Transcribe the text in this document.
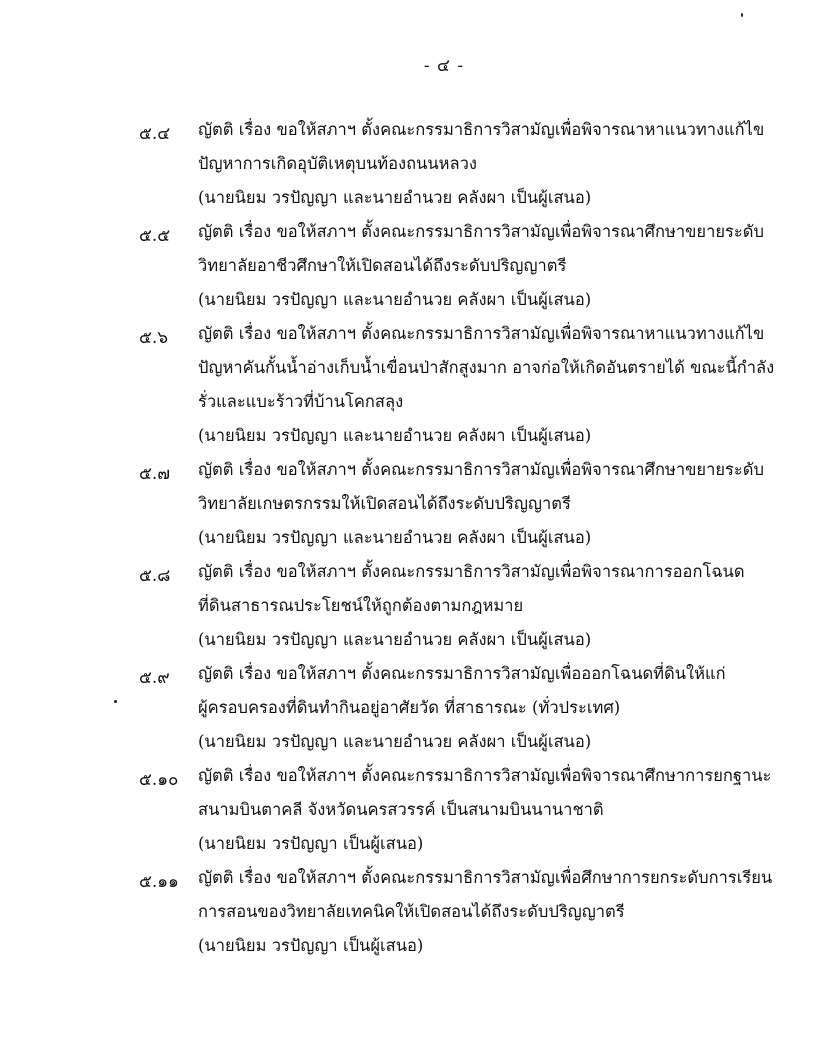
- ๔ -
๕.๔ ญัตติ เรื่อง ขอให้สภาฯ ตั้งคณะกรรมาธิการวิสามัญเพื่อพิจารณาหาแนวทางแก้ไข
ปัญหาการเกิดอุบัติเหตุบนท้องถนนหลวง
(นายนิยม วรปัญญา และนายอำนวย คลังผา เป็นผู้เสนอ)
๕.๕ ญัตติ เรื่อง ขอให้สภาฯ ตั้งคณะกรรมาธิการวิสามัญเพื่อพิจารณาศึกษาขยายระดับ
วิทยาลัยอาชีวศึกษาให้เปิดสอนได้ถึงระดับปริญญาตรี
(นายนิยม วรปัญญา และนายอำนวย คลังผา เป็นผู้เสนอ)
๕.๖ ญัตติ เรื่อง ขอให้สภาฯ ตั้งคณะกรรมาธิการวิสามัญเพื่อพิจารณาหาแนวทางแก้ไข
ปัญหาคันกั้นน้ำอ่างเก็บน้ำเขื่อนป่าสักสูงมาก อาจก่อให้เกิดอันตรายได้ ขณะนี้กำลัง
รั่วและแบะร้าวที่บ้านโคกสลุง
(นายนิยม วรปัญญา และนายอำนวย คลังผา เป็นผู้เสนอ)
๕.๗ ญัตติ เรื่อง ขอให้สภาฯ ตั้งคณะกรรมาธิการวิสามัญเพื่อพิจารณาศึกษาขยายระดับ
วิทยาลัยเกษตรกรรมให้เปิดสอนได้ถึงระดับปริญญาตรี
(นายนิยม วรปัญญา และนายอำนวย คลังผา เป็นผู้เสนอ)
๕.๘ ญัตติ เรื่อง ขอให้สภาฯ ตั้งคณะกรรมาธิการวิสามัญเพื่อพิจารณาการออกโฉนด
ที่ดินสาธารณประโยชน์ให้ถูกต้องตามกฎหมาย
(นายนิยม วรปัญญา และนายอำนวย คลังผา เป็นผู้เสนอ)
๕.๙ ญัตติ เรื่อง ขอให้สภาฯ ตั้งคณะกรรมาธิการวิสามัญเพื่อออกโฉนดที่ดินให้แก่
ผู้ครอบครองที่ดินทำกินอยู่อาศัยวัด ที่สาธารณะ (ทั่วประเทศ)
(นายนิยม วรปัญญา และนายอำนวย คลังผา เป็นผู้เสนอ)
๕.๑๐ ญัตติ เรื่อง ขอให้สภาฯ ตั้งคณะกรรมาธิการวิสามัญเพื่อพิจารณาศึกษาการยกฐานะ
สนามบินตาคลี จังหวัดนครสวรรค์ เป็นสนามบินนานาชาติ
(นายนิยม วรปัญญา เป็นผู้เสนอ)
๕.๑๑ ญัตติ เรื่อง ขอให้สภาฯ ตั้งคณะกรรมาธิการวิสามัญเพื่อศึกษาการยกระดับการเรียน
การสอนของวิทยาลัยเทคนิคให้เปิดสอนได้ถึงระดับปริญญาตรี
(นายนิยม วรปัญญา เป็นผู้เสนอ)
